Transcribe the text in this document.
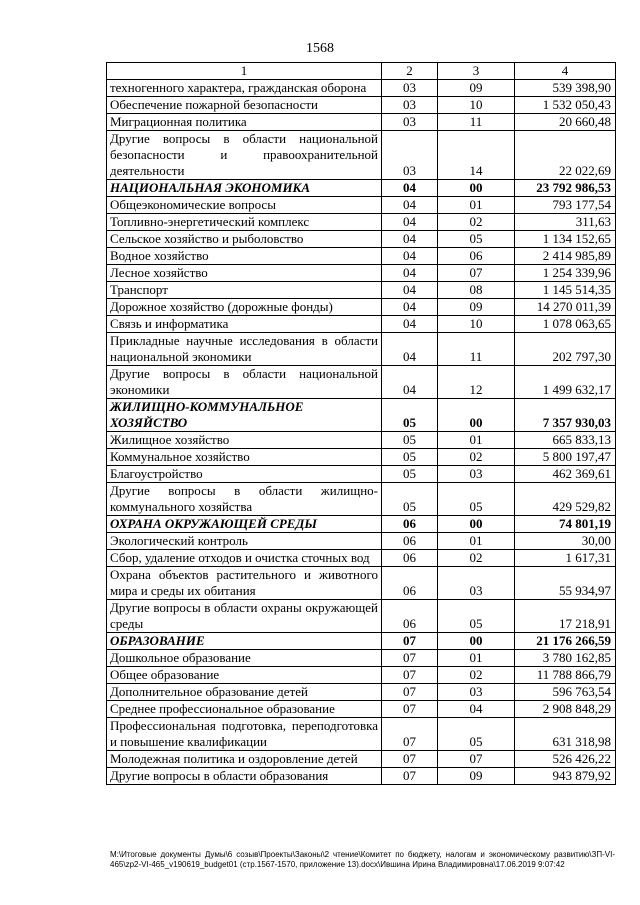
1568
1	2	3	4
техногенного характера, гражданская оборона	03	09	539 398,90
Обеспечение пожарной безопасности	03	10	1 532 050,43
Миграционная политика	03	11	20 660,48
Другие вопросы в области национальной безопасности и правоохранительной деятельности	03	14	22 022,69
НАЦИОНАЛЬНАЯ ЭКОНОМИКА	04	00	23 792 986,53
Общеэкономические вопросы	04	01	793 177,54
Топливно-энергетический комплекс	04	02	311,63
Сельское хозяйство и рыболовство	04	05	1 134 152,65
Водное хозяйство	04	06	2 414 985,89
Лесное хозяйство	04	07	1 254 339,96
Транспорт	04	08	1 145 514,35
Дорожное хозяйство (дорожные фонды)	04	09	14 270 011,39
Связь и информатика	04	10	1 078 063,65
Прикладные научные исследования в области национальной экономики	04	11	202 797,30
Другие вопросы в области национальной экономики	04	12	1 499 632,17
ЖИЛИЩНО-КОММУНАЛЬНОЕ ХОЗЯЙСТВО	05	00	7 357 930,03
Жилищное хозяйство	05	01	665 833,13
Коммунальное хозяйство	05	02	5 800 197,47
Благоустройство	05	03	462 369,61
Другие вопросы в области жилищно-коммунального хозяйства	05	05	429 529,82
ОХРАНА ОКРУЖАЮЩЕЙ СРЕДЫ	06	00	74 801,19
Экологический контроль	06	01	30,00
Сбор, удаление отходов и очистка сточных вод	06	02	1 617,31
Охрана объектов растительного и животного мира и среды их обитания	06	03	55 934,97
Другие вопросы в области охраны окружающей среды	06	05	17 218,91
ОБРАЗОВАНИЕ	07	00	21 176 266,59
Дошкольное образование	07	01	3 780 162,85
Общее образование	07	02	11 788 866,79
Дополнительное образование детей	07	03	596 763,54
Среднее профессиональное образование	07	04	2 908 848,29
Профессиональная подготовка, переподготовка и повышение квалификации	07	05	631 318,98
Молодежная политика и оздоровление детей	07	07	526 426,22
Другие вопросы в области образования	07	09	943 879,92
M:\Итоговые документы Думы\6 созыв\Проекты\Законы\2 чтение\Комитет по бюджету, налогам и экономическому развитию\ЗП-VI-465\zp2-VI-465_v190619_budget01 (стр.1567-1570, приложение 13).docx\Ившина Ирина Владимировна\17.06.2019 9:07:42
